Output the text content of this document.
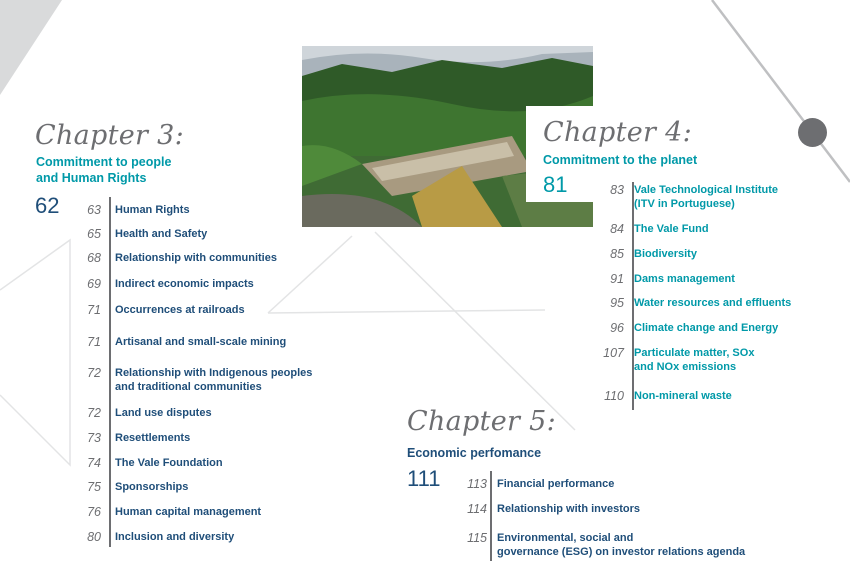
Chapter 3:
Commitment to people
and Human Rights
62	63 Human Rights
65 Health and Safety
68 Relationship with communities
69 Indirect economic impacts
71 Occurrences at railroads
71 Artisanal and small-scale mining
72 Relationship with Indigenous peoples
and traditional communities
72 Land use disputes
73 Resettlements
74 The Vale Foundation
75 Sponsorships
76 Human capital management
80 Inclusion and diversity
Chapter 4:
Commitment to the planet
81	83 Vale Technological Institute
(ITV in Portuguese)
84 The Vale Fund
85 Biodiversity
91 Dams management
95 Water resources and effluents
96 Climate change and Energy
107 Particulate matter, SOx
and NOx emissions
110 Non-mineral waste
Chapter 5:
Economic perfomance
111	113 Financial performance
114 Relationship with investors
115 Environmental, social and
governance (ESG) on investor relations agenda
